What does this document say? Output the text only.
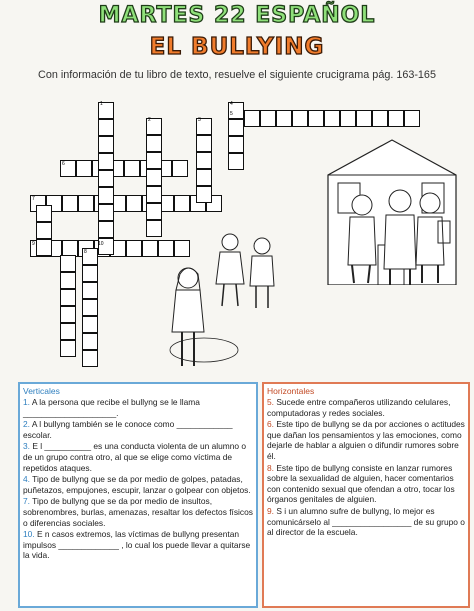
MARTES 22 ESPAÑOL
EL BULLYING
Con información de tu libro de texto, resuelve el siguiente crucigrama pág. 163-165
1
2	3
4
5
6
7
8
9	10
Verticales

1. A la persona que recibe el bullyng se le llama ____________________.

2. A l bullyng también se le conoce como ____________ escolar.

3. E l __________ es una conducta violenta de un alumno o de un grupo contra otro, al que se elige como víctima de repetidos ataques.

4. Tipo de bullyng que se da por medio de golpes, patadas, puñetazos, empujones, escupir, lanzar o golpear con objetos.

7. Tipo de bullyng que se da por medio de insultos, sobrenombres, burlas, amenazas, resaltar los defectos físicos o diferencias sociales.

10. E n casos extremos, las víctimas de bullyng presentan impulsos _____________ , lo cual los puede llevar a quitarse la vida.

Horizontales

5. Sucede entre compañeros utilizando celulares, computadoras y redes sociales.

6. Este tipo de bullyng se da por acciones o actitudes que dañan los pensamientos y las emociones, como dejarle de hablar a alguien o difundir rumores sobre él.

8. Este tipo de bullyng consiste en lanzar rumores sobre la sexualidad de alguien, hacer comentarios con contenido sexual que ofendan a otro, tocar los órganos genitales de alguien.

9. S i un alumno sufre de bullyng, lo mejor es comunicárselo al _________________ de su grupo o al director de la escuela.
